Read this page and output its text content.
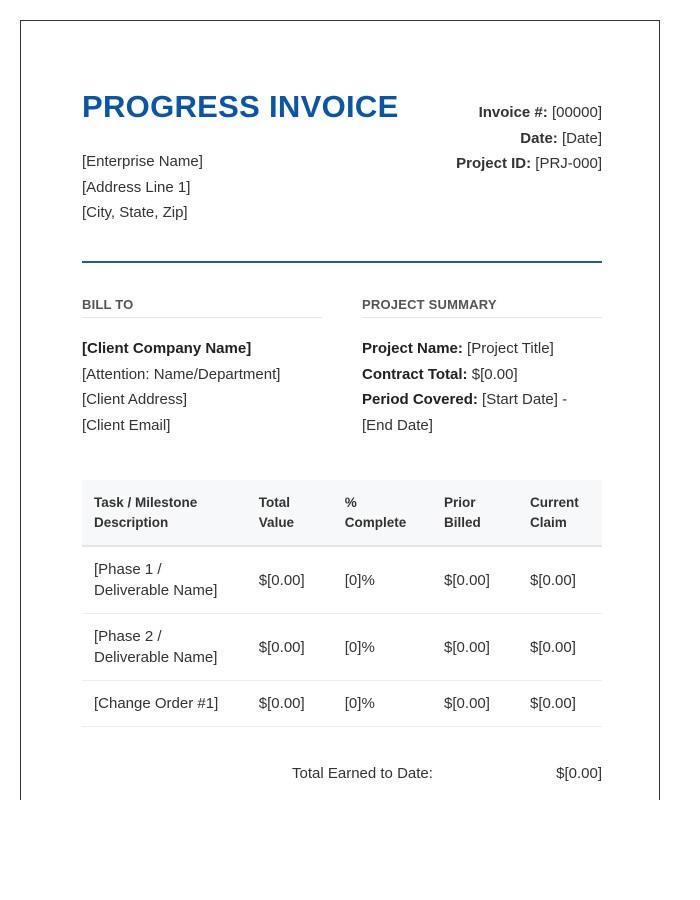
PROGRESS INVOICE	Invoice #: [00000]
Date: [Date]
Project ID: [PRJ-000]
[Enterprise Name]
[Address Line 1]
[City, State, Zip]
BILL TO
[Client Company Name]
[Attention: Name/Department]
[Client Address]
[Client Email]
PROJECT SUMMARY
Project Name: [Project Title]
Contract Total: $[0.00]
Period Covered: [Start Date] - [End Date]
Task / Milestone Description	Total Value	% Complete	Prior Billed	Current Claim
[Phase 1 / Deliverable Name]	$[0.00]	[0]%	$[0.00]	$[0.00]
[Phase 2 / Deliverable Name]	$[0.00]	[0]%	$[0.00]	$[0.00]
[Change Order #1]	$[0.00]	[0]%	$[0.00]	$[0.00]
Total Earned to Date:	$[0.00]
